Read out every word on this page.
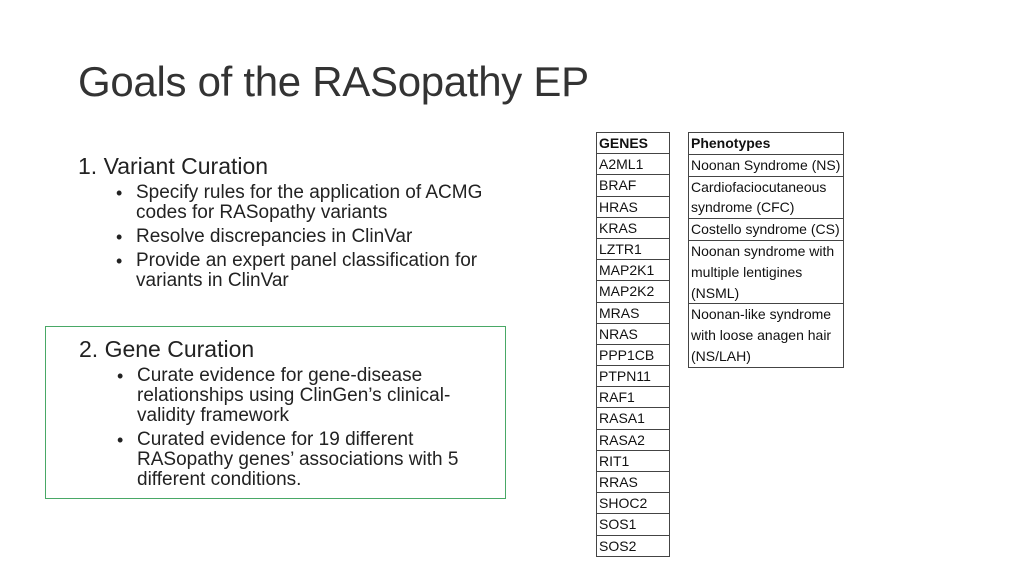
Goals of the RASopathy EP
1. Variant Curation
• Specify rules for the application of ACMG codes for RASopathy variants
• Resolve discrepancies in ClinVar
• Provide an expert panel classification for variants in ClinVar
2. Gene Curation
• Curate evidence for gene-disease relationships using ClinGen’s clinical-validity framework
• Curated evidence for 19 different RASopathy genes’ associations with 5 different conditions.
GENES
A2ML1
BRAF
HRAS
KRAS
LZTR1
MAP2K1
MAP2K2
MRAS
NRAS
PPP1CB
PTPN11
RAF1
RASA1
RASA2
RIT1
RRAS
SHOC2
SOS1
SOS2
Phenotypes
Noonan Syndrome (NS)
Cardiofaciocutaneous syndrome (CFC)
Costello syndrome (CS)
Noonan syndrome with multiple lentigines (NSML)
Noonan-like syndrome with loose anagen hair (NS/LAH)
